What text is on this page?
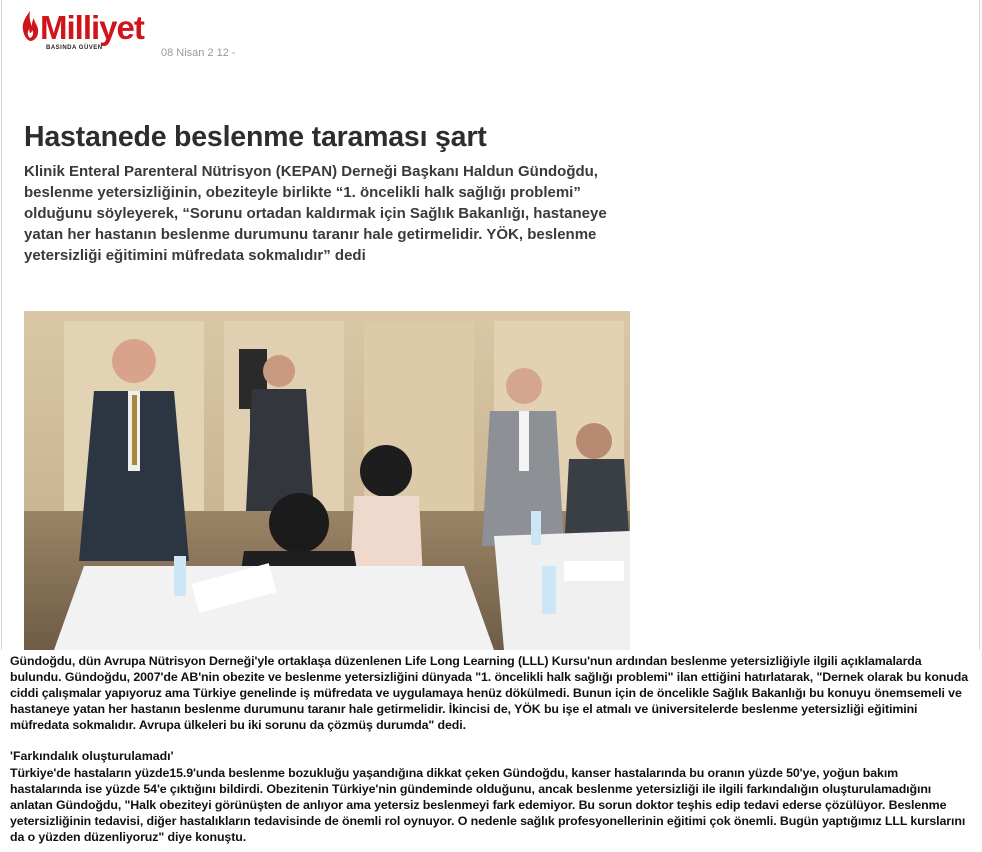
Milliyet
BASINDA GÜVEN	08 Nisan 2 12 -
Hastanede beslenme taraması şart

Klinik Enteral Parenteral Nütrisyon (KEPAN) Derneği Başkanı Haldun Gündoğdu, beslenme yetersizliğinin, obeziteyle birlikte “1. öncelikli halk sağlığı problemi” olduğunu söyleyerek, “Sorunu ortadan kaldırmak için Sağlık Bakanlığı, hastaneye yatan her hastanın beslenme durumunu taranır hale getirmelidir. YÖK, beslenme yetersizliği eğitimini müfredata sokmalıdır” dedi

Gündoğdu, dün Avrupa Nütrisyon Derneği'yle ortaklaşa düzenlenen Life Long Learning (LLL) Kursu'nun ardından beslenme yetersizliğiyle ilgili açıklamalarda bulundu. Gündoğdu, 2007'de AB'nin obezite ve beslenme yetersizliğini dünyada "1. öncelikli halk sağlığı problemi" ilan ettiğini hatırlatarak, "Dernek olarak bu konuda ciddi çalışmalar yapıyoruz ama Türkiye genelinde iş müfredata ve uygulamaya henüz dökülmedi. Bunun için de öncelikle Sağlık Bakanlığı bu konuyu önemsemeli ve hastaneye yatan her hastanın beslenme durumunu taranır hale getirmelidir. İkincisi de, YÖK bu işe el atmalı ve üniversitelerde beslenme yetersizliği eğitimini müfredata sokmalıdır. Avrupa ülkeleri bu iki sorunu da çözmüş durumda" dedi.

'Farkındalık oluşturulamadı'

Türkiye'de hastaların yüzde15.9'unda beslenme bozukluğu yaşandığına dikkat çeken Gündoğdu, kanser hastalarında bu oranın yüzde 50'ye, yoğun bakım hastalarında ise yüzde 54'e çıktığını bildirdi. Obezitenin Türkiye'nin gündeminde olduğunu, ancak beslenme yetersizliği ile ilgili farkındalığın oluşturulamadığını anlatan Gündoğdu, "Halk obeziteyi görünüşten de anlıyor ama yetersiz beslenmeyi fark edemiyor. Bu sorun doktor teşhis edip tedavi ederse çözülüyor. Beslenme yetersizliğinin tedavisi, diğer hastalıkların tedavisinde de önemli rol oynuyor. O nedenle sağlık profesyonellerinin eğitimi çok önemli. Bugün yaptığımız LLL kurslarını da o yüzden düzenliyoruz" diye konuştu.
